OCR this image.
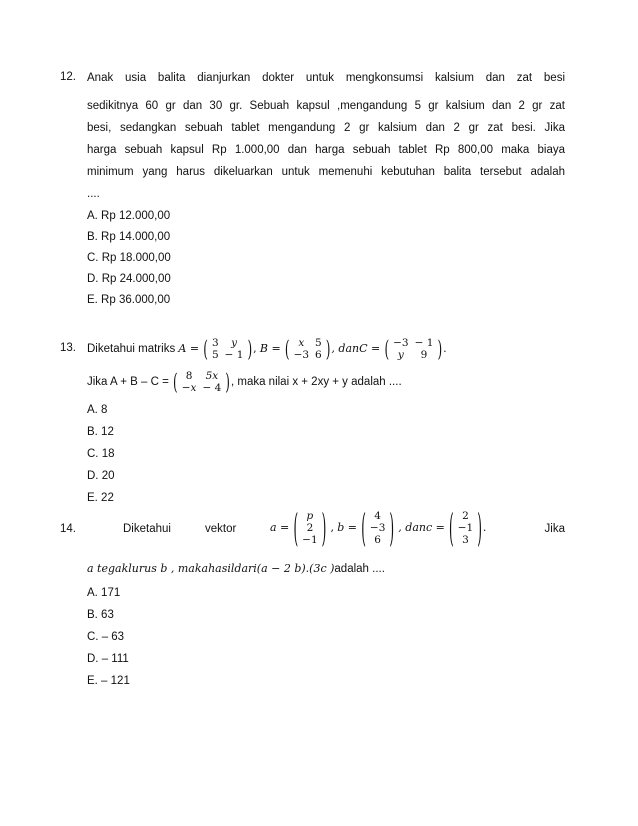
12. Anak usia balita dianjurkan dokter untuk mengkonsumsi kalsium dan zat besi
sedikitnya 60 gr dan 30 gr. Sebuah kapsul ,mengandung 5 gr kalsium dan 2 gr zat
besi, sedangkan sebuah tablet mengandung 2 gr kalsium dan 2 gr zat besi. Jika
harga sebuah kapsul Rp 1.000,00 dan harga sebuah tablet Rp 800,00 maka biaya
minimum yang harus dikeluarkan untuk memenuhi kebutuhan balita tersebut adalah
....
A. Rp 12.000,00
B. Rp 14.000,00
C. Rp 18.000,00
D. Rp 24.000,00
E. Rp 36.000,00
13. Diketahui matriks A = ( 3	y
5	− 1 ), B = ( x	5
−3	6 ), danC = ( −3	− 1
y	9 ).
Jika A + B – C = ( 8	5x
−x	− 4 ), maka nilai x + 2xy + y adalah ....
A. 8
B. 12
C. 18
D. 20
E. 22
14.	Diketahui	vektor	a = ( p
2
−1 ) , b = ( 4
−3
6 ) , danc = ( 2
−1
3 ).	Jika
a tegaklurus b , makahasildari(a − 2 b).(3c )adalah ....
A. 171
B. 63
C. – 63
D. – 111
E. – 121
